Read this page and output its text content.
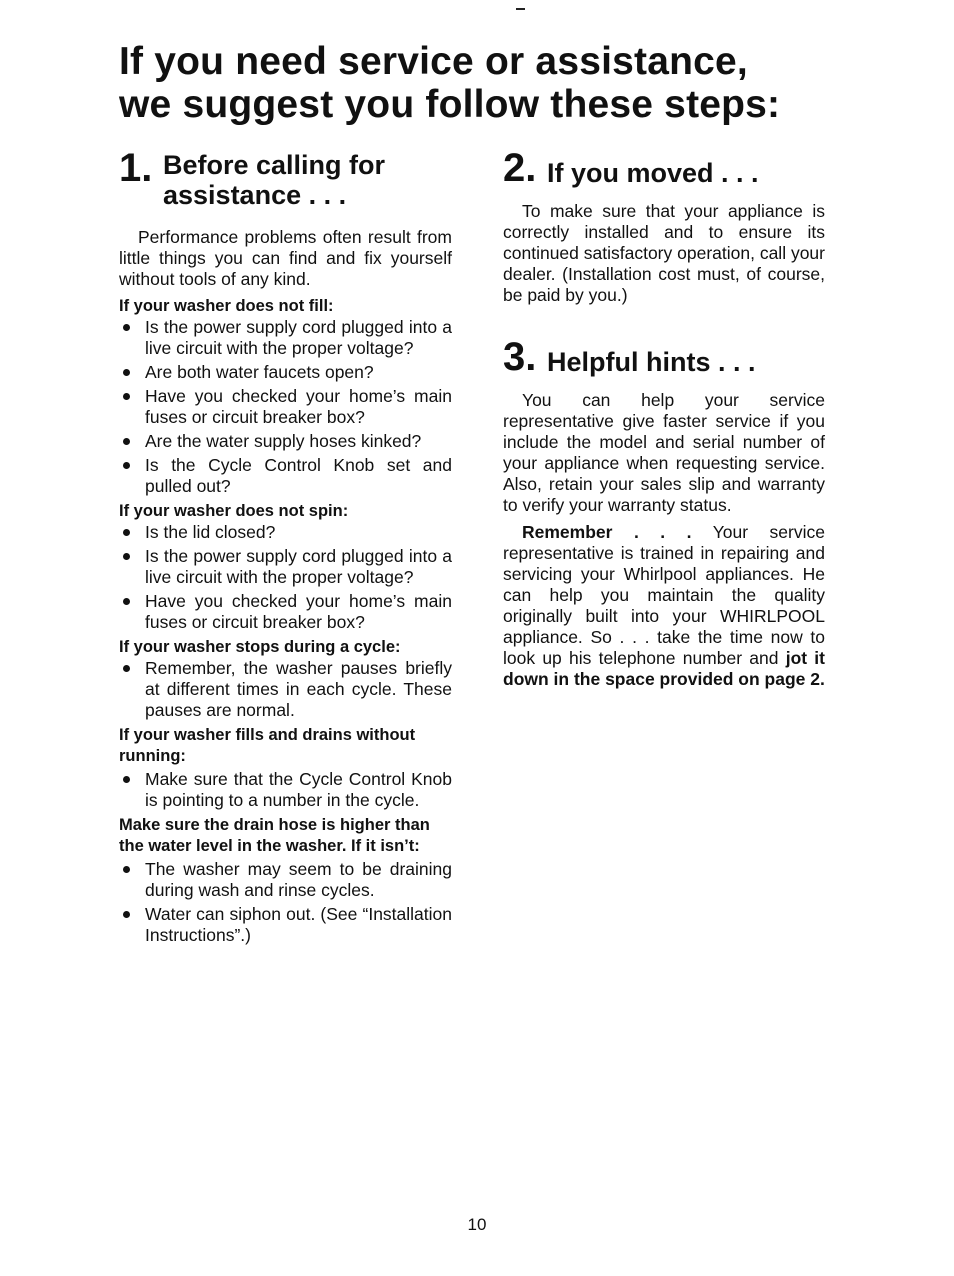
If you need service or assistance,
we suggest you follow these steps:
1. Before calling for
assistance . . .

Performance problems often result from little things you can find and fix yourself without tools of any kind.

If your washer does not fill:

Is the power supply cord plugged into a live circuit with the proper voltage?
Are both water faucets open?
Have you checked your home’s main fuses or circuit breaker box?
Are the water supply hoses kinked?
Is the Cycle Control Knob set and pulled out?

If your washer does not spin:

Is the lid closed?
Is the power supply cord plugged into a live circuit with the proper voltage?
Have you checked your home’s main fuses or circuit breaker box?

If your washer stops during a cycle:

Remember, the washer pauses briefly at different times in each cycle. These pauses are normal.

If your washer fills and drains without running:

Make sure that the Cycle Control Knob is pointing to a number in the cycle.

Make sure the drain hose is higher than the water level in the washer. If it isn’t:

The washer may seem to be draining during wash and rinse cycles.
Water can siphon out. (See “Installation Instructions”.)
2. If you moved . . .

To make sure that your appliance is correctly installed and to ensure its continued satisfactory operation, call your dealer. (Installation cost must, of course, be paid by you.)

3. Helpful hints . . .

You can help your service representative give faster service if you include the model and serial number of your appliance when requesting service. Also, retain your sales slip and warranty to verify your warranty status.

Remember . . . Your service representative is trained in repairing and servicing your Whirlpool appliances. He can help you maintain the quality originally built into your WHIRLPOOL appliance. So . . . take the time now to look up his telephone number and jot it down in the space provided on page 2.

10
